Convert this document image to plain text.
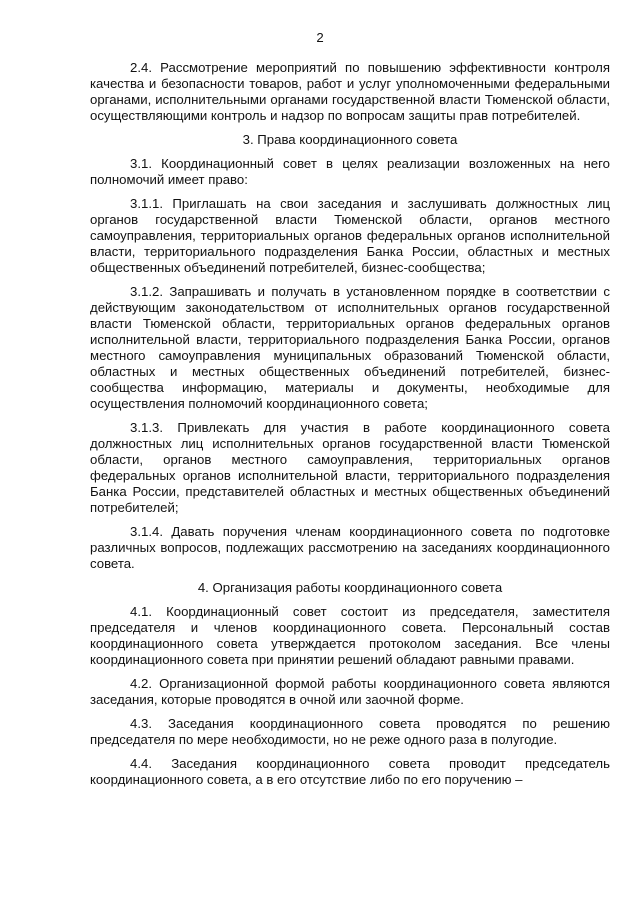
2

2.4. Рассмотрение мероприятий по повышению эффективности контроля качества и безопасности товаров, работ и услуг уполномоченными федеральными органами, исполнительными органами государственной власти Тюменской области, осуществляющими контроль и надзор по вопросам защиты прав потребителей.

3. Права координационного совета

3.1. Координационный совет в целях реализации возложенных на него полномочий имеет право:

3.1.1. Приглашать на свои заседания и заслушивать должностных лиц органов государственной власти Тюменской области, органов местного самоуправления, территориальных органов федеральных органов исполнительной власти, территориального подразделения Банка России, областных и местных общественных объединений потребителей, бизнес-сообщества;

3.1.2. Запрашивать и получать в установленном порядке в соответствии с действующим законодательством от исполнительных органов государственной власти Тюменской области, территориальных органов федеральных органов исполнительной власти, территориального подразделения Банка России, органов местного самоуправления муниципальных образований Тюменской области, областных и местных общественных объединений потребителей, бизнес-сообщества информацию, материалы и документы, необходимые для осуществления полномочий координационного совета;

3.1.3. Привлекать для участия в работе координационного совета должностных лиц исполнительных органов государственной власти Тюменской области, органов местного самоуправления, территориальных органов федеральных органов исполнительной власти, территориального подразделения Банка России, представителей областных и местных общественных объединений потребителей;

3.1.4. Давать поручения членам координационного совета по подготовке различных вопросов, подлежащих рассмотрению на заседаниях координационного совета.

4. Организация работы координационного совета

4.1. Координационный совет состоит из председателя, заместителя председателя и членов координационного совета. Персональный состав координационного совета утверждается протоколом заседания. Все члены координационного совета при принятии решений обладают равными правами.

4.2. Организационной формой работы координационного совета являются заседания, которые проводятся в очной или заочной форме.

4.3. Заседания координационного совета проводятся по решению председателя по мере необходимости, но не реже одного раза в полугодие.

4.4. Заседания координационного совета проводит председатель координационного совета, а в его отсутствие либо по его поручению –
